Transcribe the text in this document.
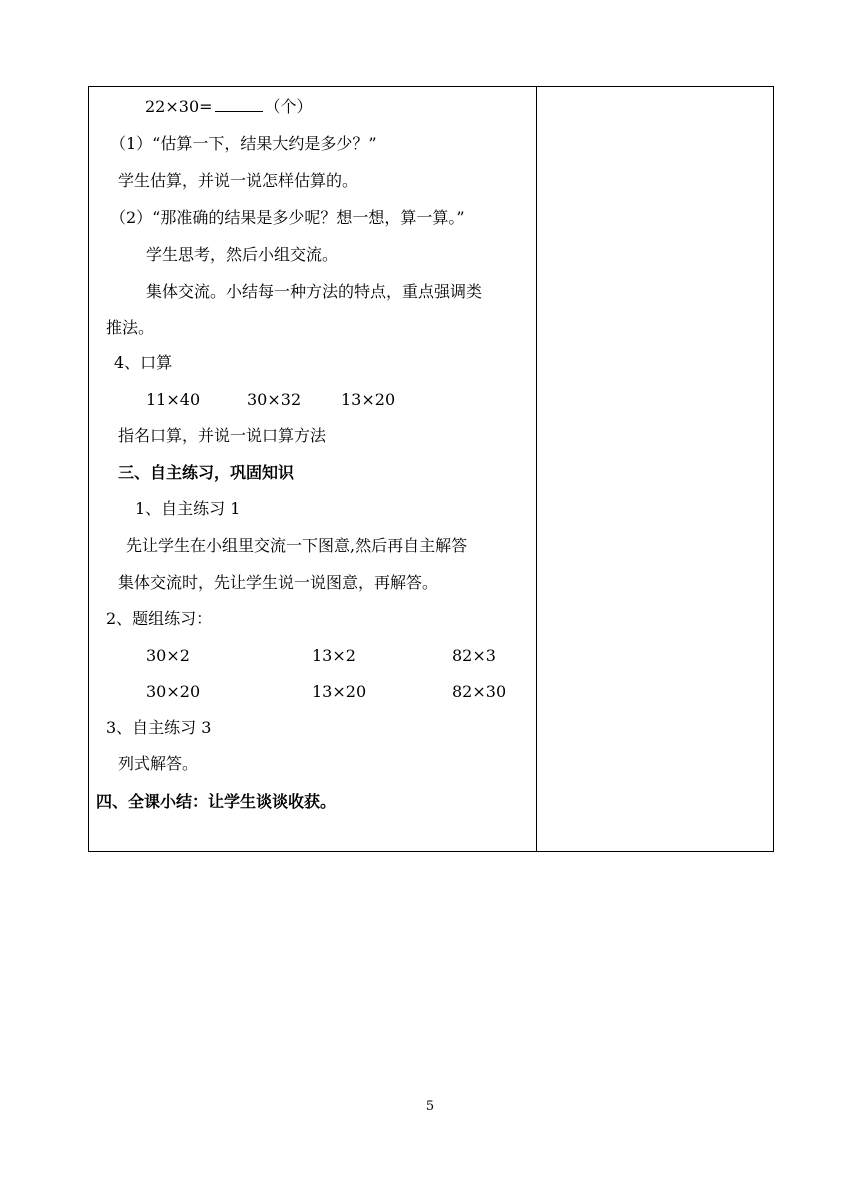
22×30=	（个）
（1）“估算一下，结果大约是多少？”
学生估算，并说一说怎样估算的。
（2）“那准确的结果是多少呢？想一想，算一算。”
学生思考，然后小组交流。
集体交流。小结每一种方法的特点，重点强调类
推法。
4、口算
11×40	30×32 13×20
指名口算，并说一说口算方法
三、自主练习，巩固知识
1、自主练习 1
先让学生在小组里交流一下图意,然后再自主解答
集体交流时，先让学生说一说图意，再解答。
2、题组练习：
30×2	13×2	82×3
30×20	13×20	82×30
3、自主练习 3
列式解答。
四、全课小结：让学生谈谈收获。
5
